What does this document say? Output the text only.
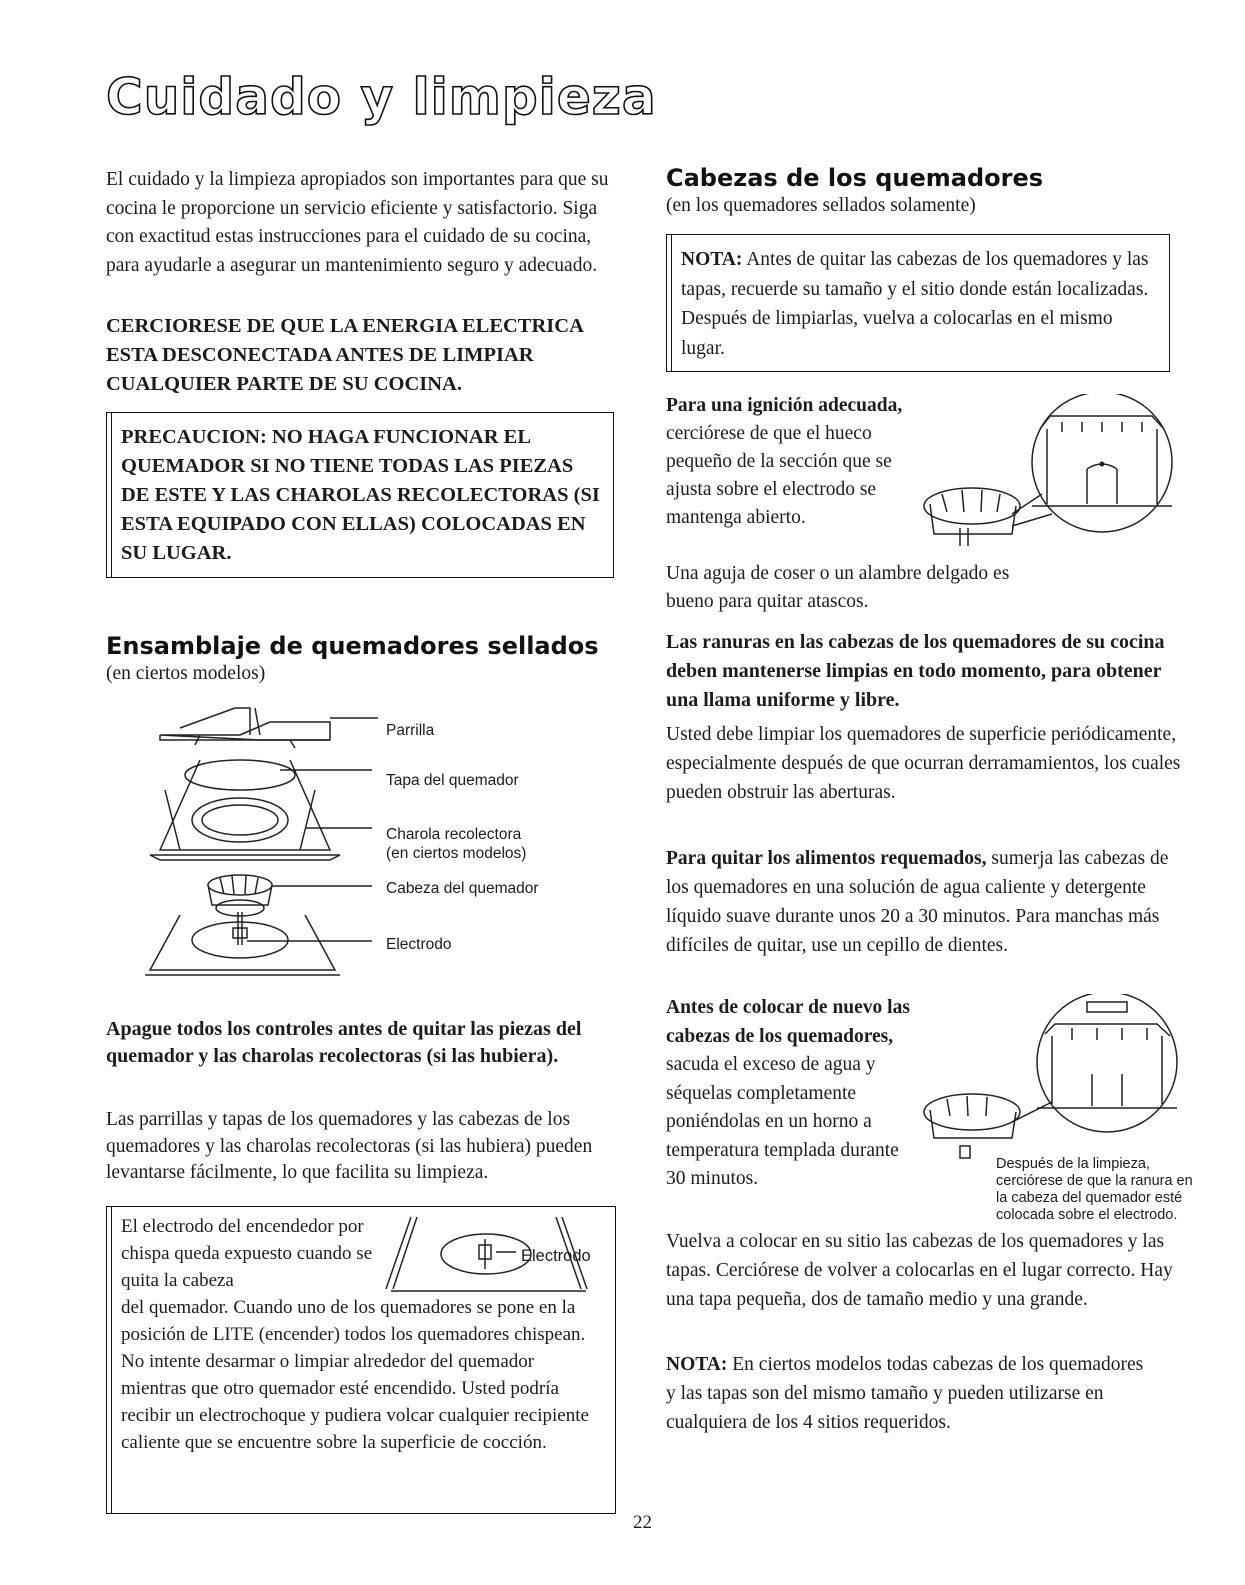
Cuidado y limpieza

El cuidado y la limpieza apropiados son importantes para que su cocina le proporcione un servicio eficiente y satisfactorio. Siga con exactitud estas instrucciones para el cuidado de su cocina, para ayudarle a asegurar un mantenimiento seguro y adecuado.

CERCIORESE DE QUE LA ENERGIA ELECTRICA ESTA DESCONECTADA ANTES DE LIMPIAR CUALQUIER PARTE DE SU COCINA.

PRECAUCION: NO HAGA FUNCIONAR EL QUEMADOR SI NO TIENE TODAS LAS PIEZAS DE ESTE Y LAS CHAROLAS RECOLECTORAS (SI ESTA EQUIPADO CON ELLAS) COLOCADAS EN SU LUGAR.

Ensamblaje de quemadores sellados

(en ciertos modelos)

Parrilla
Tapa del quemador
Charola recolectora
(en ciertos modelos)
Cabeza del quemador
Electrodo

Apague todos los controles antes de quitar las piezas del quemador y las charolas recolectoras (si las hubiera).

Las parrillas y tapas de los quemadores y las cabezas de los quemadores y las charolas recolectoras (si las hubiera) pueden levantarse fácilmente, lo que facilita su limpieza.

El electrodo del encendedor por chispa queda expuesto cuando se quita la cabeza

del quemador. Cuando uno de los quemadores se pone en la posición de LITE (encender) todos los quemadores chispean. No intente desarmar o limpiar alrededor del quemador mientras que otro quemador esté encendido. Usted podría recibir un electrochoque y pudiera volcar cualquier recipiente caliente que se encuentre sobre la superficie de cocción.

Electrodo
22
Cabezas de los quemadores

(en los quemadores sellados solamente)

NOTA: Antes de quitar las cabezas de los quemadores y las tapas, recuerde su tamaño y el sitio donde están localizadas. Después de limpiarlas, vuelva a colocarlas en el mismo lugar.

Para una ignición adecuada, cerciórese de que el hueco pequeño de la sección que se ajusta sobre el electrodo se mantenga abierto.

Una aguja de coser o un alambre delgado es bueno para quitar atascos.

Las ranuras en las cabezas de los quemadores de su cocina deben mantenerse limpias en todo momento, para obtener una llama uniforme y libre.

Usted debe limpiar los quemadores de superficie periódicamente, especialmente después de que ocurran derramamientos, los cuales pueden obstruir las aberturas.

Para quitar los alimentos requemados, sumerja las cabezas de los quemadores en una solución de agua caliente y detergente líquido suave durante unos 20 a 30 minutos. Para manchas más difíciles de quitar, use un cepillo de dientes.

Antes de colocar de nuevo las cabezas de los quemadores, sacuda el exceso de agua y séquelas completamente poniéndolas en un horno a temperatura templada durante 30 minutos.

Después de la limpieza, cerciórese de que la ranura en la cabeza del quemador esté colocada sobre el electrodo.

Vuelva a colocar en su sitio las cabezas de los quemadores y las tapas. Cerciórese de volver a colocarlas en el lugar correcto. Hay una tapa pequeña, dos de tamaño medio y una grande.

NOTA: En ciertos modelos todas cabezas de los quemadores y las tapas son del mismo tamaño y pueden utilizarse en cualquiera de los 4 sitios requeridos.
